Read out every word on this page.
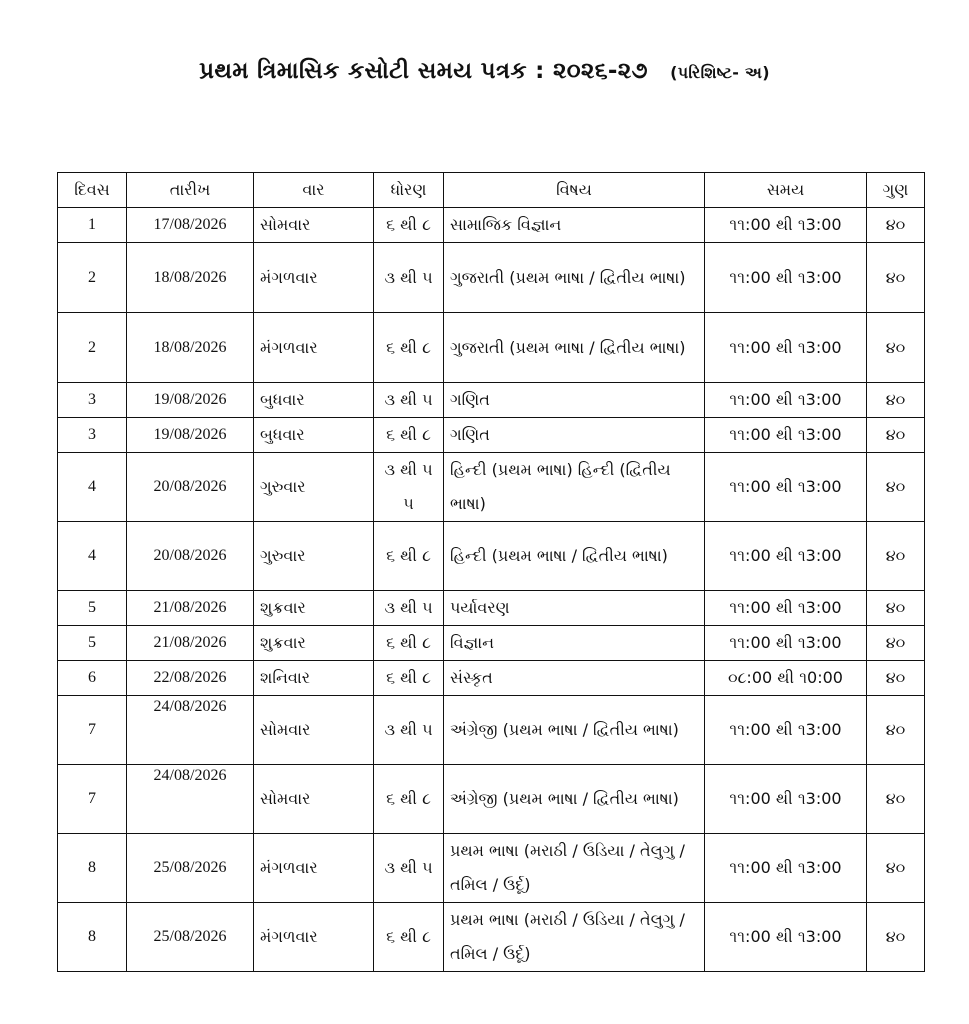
પ્રથમ ત્રિમાસિક કસોટી સમય પત્રક : ૨૦૨૬-૨૭ (પરિશિષ્ટ- અ)
દિવસ	તારીખ	વાર	ધોરણ	વિષય	સમય	ગુણ
1	17/08/2026	સોમવાર	૬ થી ૮	સામાજિક વિજ્ઞાન	૧૧:00 થી ૧3:00	૪૦
2	18/08/2026	મંગળવાર	૩ થી ૫	ગુજરાતી (પ્રથમ ભાષા / દ્વિતીય ભાષા)	૧૧:00 થી ૧3:00	૪૦
2	18/08/2026	મંગળવાર	૬ થી ૮	ગુજરાતી (પ્રથમ ભાષા / દ્વિતીય ભાષા)	૧૧:00 થી ૧3:00	૪૦
3	19/08/2026	બુધવાર	૩ થી ૫	ગણિત	૧૧:00 થી ૧3:00	૪૦
3	19/08/2026	બુધવાર	૬ થી ૮	ગણિત	૧૧:00 થી ૧3:00	૪૦
4	20/08/2026	ગુરુવાર	૩ થી ૫ ૫	હિન્દી (પ્રથમ ભાષા) હિન્દી (દ્વિતીય ભાષા)	૧૧:00 થી ૧3:00	૪૦
4	20/08/2026	ગુરુવાર	૬ થી ૮	હિન્દી (પ્રથમ ભાષા / દ્વિતીય ભાષા)	૧૧:00 થી ૧3:00	૪૦
5	21/08/2026	શુક્રવાર	૩ થી ૫	પર્યાવરણ	૧૧:00 થી ૧3:00	૪૦
5	21/08/2026	શુક્રવાર	૬ થી ૮	વિજ્ઞાન	૧૧:00 થી ૧3:00	૪૦
6	22/08/2026	શનિવાર	૬ થી ૮	સંસ્કૃત	૦૮:00 થી ૧0:00	૪૦
7	24/08/2026	સોમવાર	૩ થી ૫	અંગ્રેજી (પ્રથમ ભાષા / દ્વિતીય ભાષા)	૧૧:00 થી ૧3:00	૪૦
7	24/08/2026	સોમવાર	૬ થી ૮	અંગ્રેજી (પ્રથમ ભાષા / દ્વિતીય ભાષા)	૧૧:00 થી ૧3:00	૪૦
8	25/08/2026	મંગળવાર	૩ થી ૫	પ્રથમ ભાષા (મરાઠી / ઉડિયા / તેલુગુ / તમિલ / ઉર્દૂ)	૧૧:00 થી ૧3:00	૪૦
8	25/08/2026	મંગળવાર	૬ થી ૮	પ્રથમ ભાષા (મરાઠી / ઉડિયા / તેલુગુ / તમિલ / ઉર્દૂ)	૧૧:00 થી ૧3:00	૪૦
